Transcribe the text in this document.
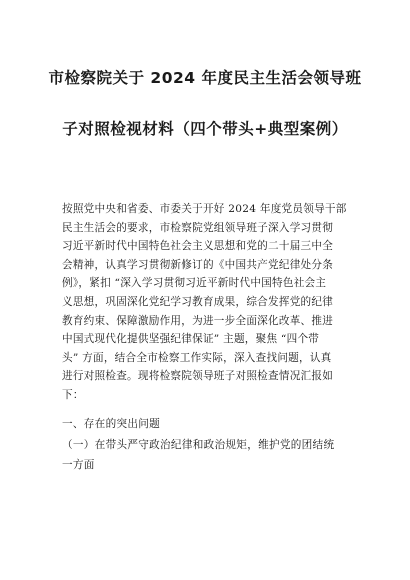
市检察院关于 2024 年度民主生活会领导班
子对照检视材料（四个带头+典型案例）
按照党中央和省委、市委关于开好 2024 年度党员领导干部
民主生活会的要求，市检察院党组领导班子深入学习贯彻
习近平新时代中国特色社会主义思想和党的二十届三中全
会精神，认真学习贯彻新修订的《中国共产党纪律处分条
例》，紧扣 “深入学习贯彻习近平新时代中国特色社会主
义思想，巩固深化党纪学习教育成果，综合发挥党的纪律
教育约束、保障激励作用，为进一步全面深化改革、推进
中国式现代化提供坚强纪律保证” 主题，聚焦 “四个带
头” 方面，结合全市检察工作实际，深入查找问题，认真
进行对照检查。现将检察院领导班子对照检查情况汇报如
下：
一、存在的突出问题
（一）在带头严守政治纪律和政治规矩，维护党的团结统
一方面
